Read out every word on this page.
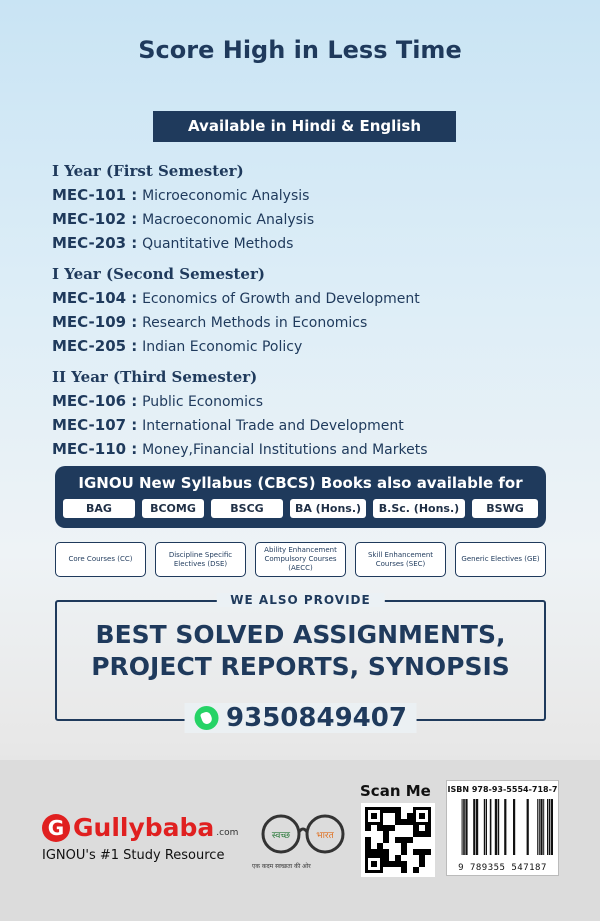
Score High in Less Time
Available in Hindi & English
I Year (First Semester)
MEC-101 : Microeconomic Analysis
MEC-102 : Macroeconomic Analysis
MEC-203 : Quantitative Methods
I Year (Second Semester)
MEC-104 : Economics of Growth and Development
MEC-109 : Research Methods in Economics
MEC-205 : Indian Economic Policy
II Year (Third Semester)
MEC-106 : Public Economics
MEC-107 : International Trade and Development
MEC-110 : Money,Financial Institutions and Markets
IGNOU New Syllabus (CBCS) Books also available for
BAG	BCOMG	BSCG	BA (Hons.)	B.Sc. (Hons.)	BSWG
Core Courses (CC)
Discipline Specific Electives (DSE)
Ability Enhancement Compulsory Courses (AECC)
Skill Enhancement Courses (SEC)
Generic Electives (GE)
WE ALSO PROVIDE
BEST SOLVED ASSIGNMENTS,
PROJECT REPORTS, SYNOPSIS
9350849407
G Gullybaba .com
IGNOU's #1 Study Resource
स्वच्छ	भारत
एक कदम स्वच्छता की ओर
Scan Me ISBN 978-93-5554-718-7
9 789355 547187
